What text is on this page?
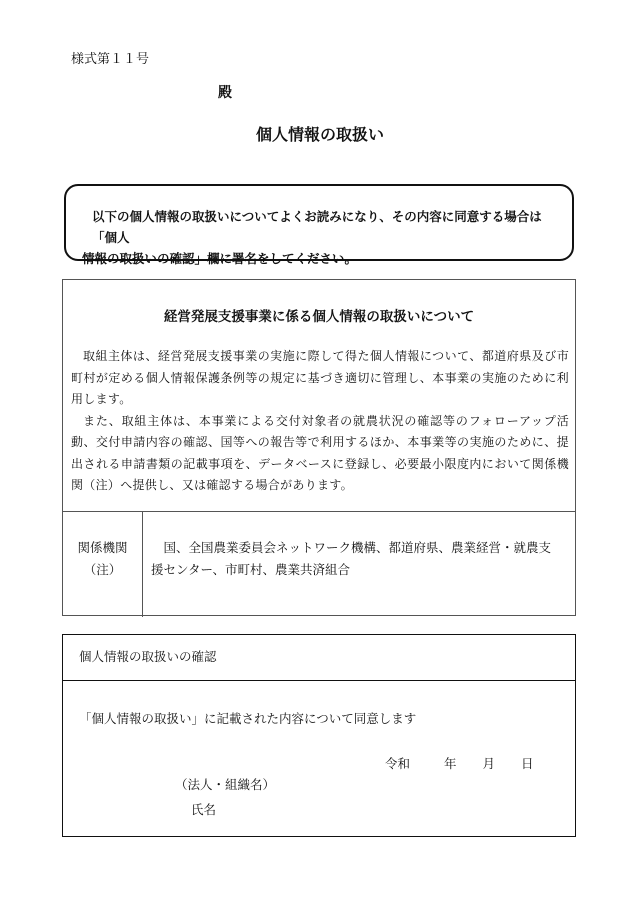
様式第１１号
殿
個人情報の取扱い
以下の個人情報の取扱いについてよくお読みになり、その内容に同意する場合は「個人
情報の取扱いの確認」欄に署名をしてください。
経営発展支援事業に係る個人情報の取扱いについて

取組主体は、経営発展支援事業の実施に際して得た個人情報について、都道府県及び市町村が定める個人情報保護条例等の規定に基づき適切に管理し、本事業の実施のために利用します。

また、取組主体は、本事業による交付対象者の就農状況の確認等のフォローアップ活動、交付申請内容の確認、国等への報告等で利用するほか、本事業等の実施のために、提出される申請書類の記載事項を、データベースに登録し、必要最小限度内において関係機関（注）へ提供し、又は確認する場合があります。

関係機関
（注）
国、全国農業委員会ネットワーク機構、都道府県、農業経営・就農支援センター、市町村、農業共済組合
個人情報の取扱いの確認
「個人情報の取扱い」に記載された内容について同意します
令和	年 月 日
（法人・組織名）
氏名
